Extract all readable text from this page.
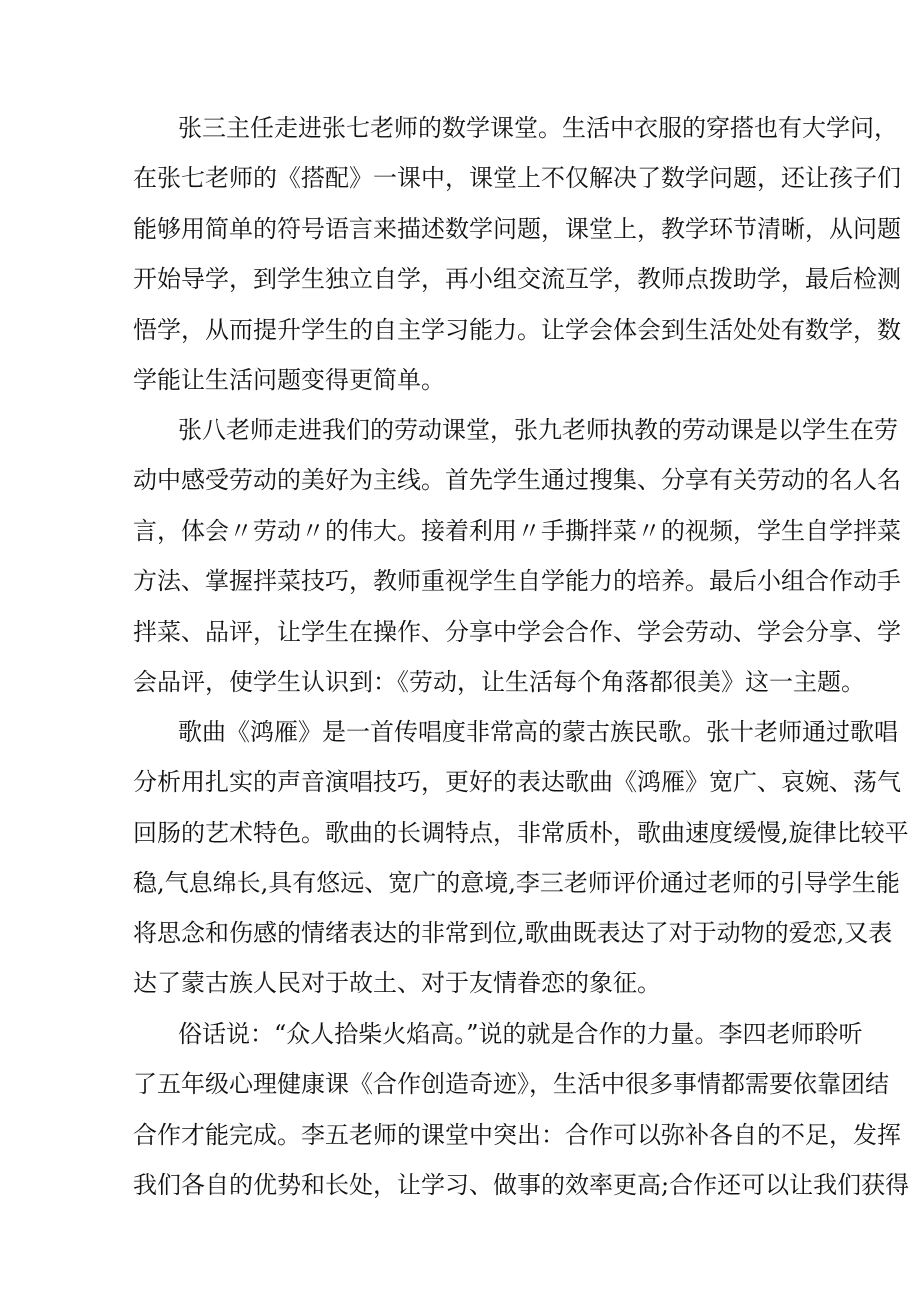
张三主任走进张七老师的数学课堂。生活中衣服的穿搭也有大学问，
在张七老师的《搭配》一课中，课堂上不仅解决了数学问题，还让孩子们
能够用简单的符号语言来描述数学问题，课堂上，教学环节清晰，从问题
开始导学，到学生独立自学，再小组交流互学，教师点拨助学，最后检测
悟学，从而提升学生的自主学习能力。让学会体会到生活处处有数学，数
学能让生活问题变得更简单。
张八老师走进我们的劳动课堂，张九老师执教的劳动课是以学生在劳
动中感受劳动的美好为主线。首先学生通过搜集、分享有关劳动的名人名
言，体会〃劳动〃的伟大。接着利用〃手撕拌菜〃的视频，学生自学拌菜
方法、掌握拌菜技巧，教师重视学生自学能力的培养。最后小组合作动手
拌菜、品评，让学生在操作、分享中学会合作、学会劳动、学会分享、学
会品评，使学生认识到：《劳动，让生活每个角落都很美》这一主题。
歌曲《鸿雁》是一首传唱度非常高的蒙古族民歌。张十老师通过歌唱
分析用扎实的声音演唱技巧，更好的表达歌曲《鸿雁》宽广、哀婉、荡气
回肠的艺术特色。歌曲的长调特点，非常质朴，歌曲速度缓慢,旋律比较平
稳,气息绵长,具有悠远、宽广的意境,李三老师评价通过老师的引导学生能
将思念和伤感的情绪表达的非常到位,歌曲既表达了对于动物的爱恋,又表
达了蒙古族人民对于故土、对于友情眷恋的象征。
俗话说：“众人拾柴火焰高。”说的就是合作的力量。李四老师聆听
了五年级心理健康课《合作创造奇迹》，生活中很多事情都需要依靠团结
合作才能完成。李五老师的课堂中突出：合作可以弥补各自的不足，发挥
我们各自的优势和长处，让学习、做事的效率更高;合作还可以让我们获得
